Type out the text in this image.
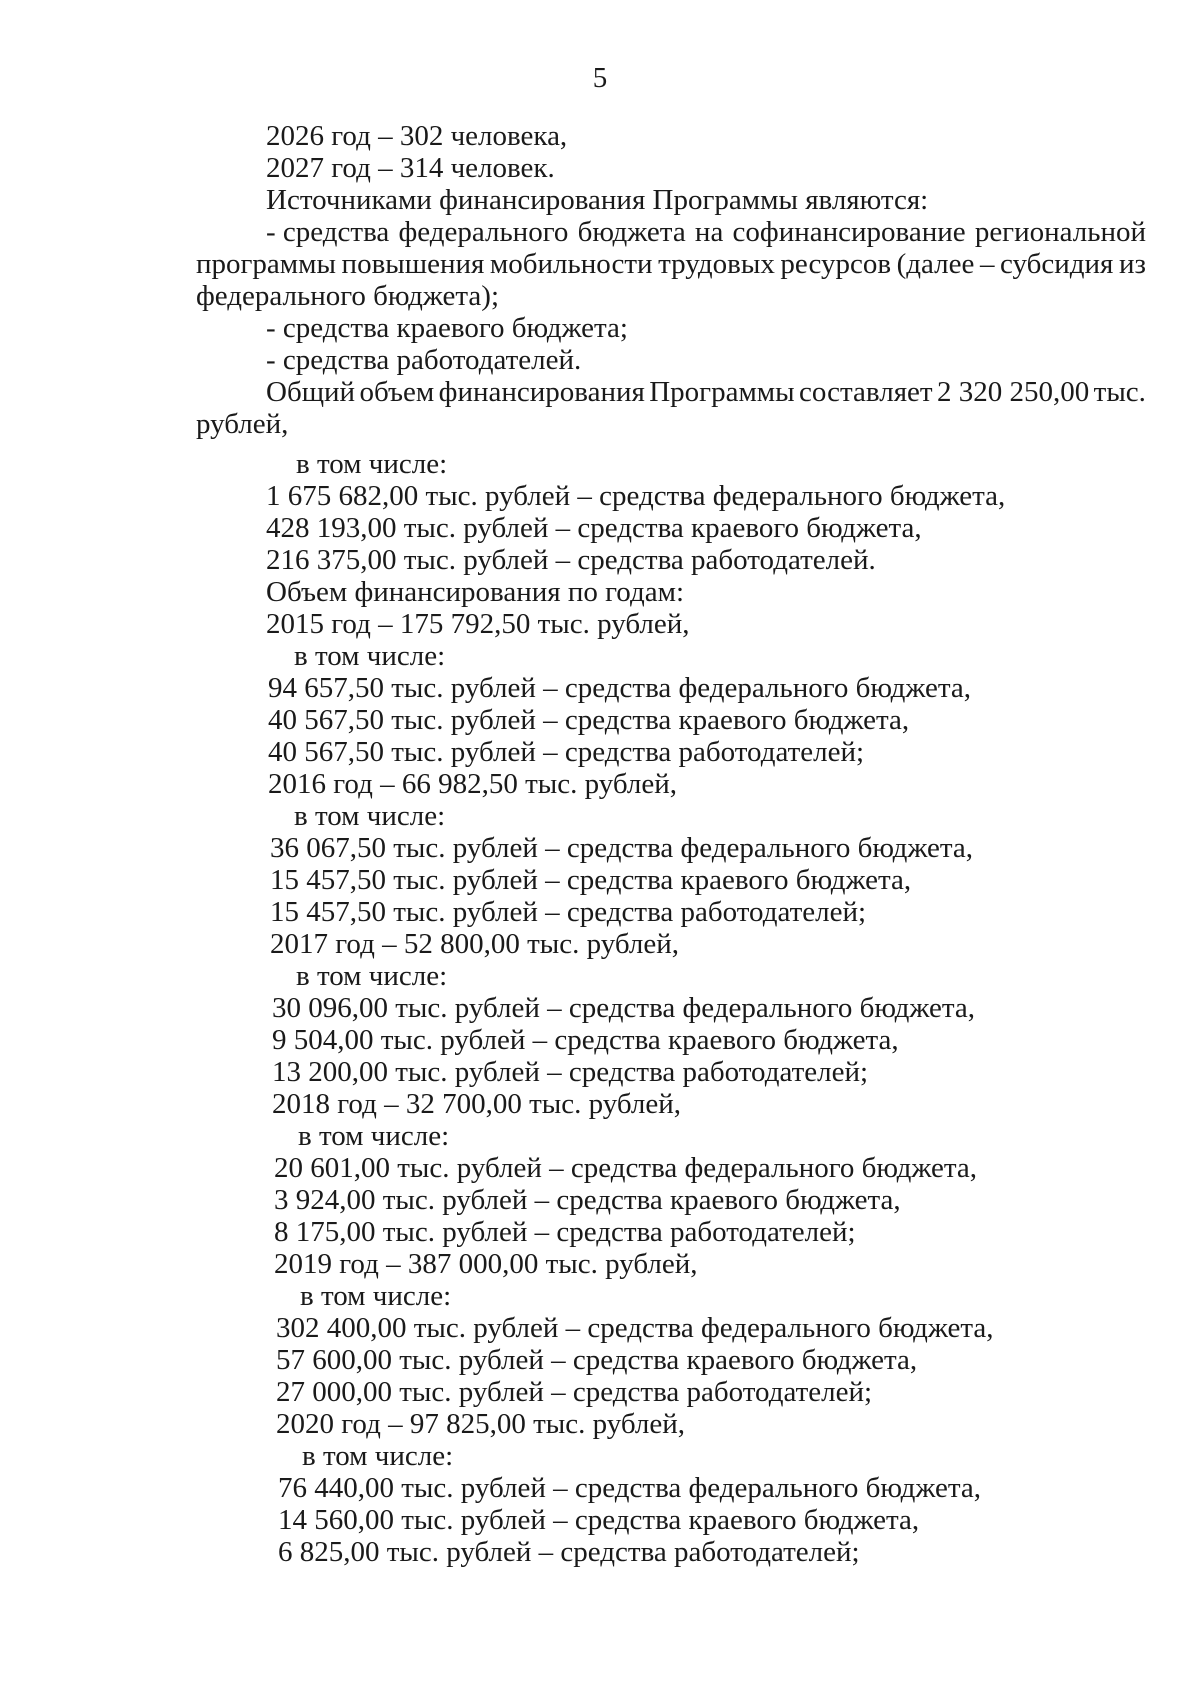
5
2026 год – 302 человека,
2027 год – 314 человек.
Источниками финансирования Программы являются:
- средства федерального бюджета на софинансирование региональной
программы повышения мобильности трудовых ресурсов (далее – субсидия из
федерального бюджета);
- средства краевого бюджета;
- средства работодателей.
Общий объем финансирования Программы составляет 2 320 250,00 тыс.
рублей,
в том числе:
1 675 682,00 тыс. рублей – средства федерального бюджета,
428 193,00 тыс. рублей – средства краевого бюджета,
216 375,00 тыс. рублей – средства работодателей.
Объем финансирования по годам:
2015 год – 175 792,50 тыс. рублей,
в том числе:
94 657,50 тыс. рублей – средства федерального бюджета,
40 567,50 тыс. рублей – средства краевого бюджета,
40 567,50 тыс. рублей – средства работодателей;
2016 год – 66 982,50 тыс. рублей,
в том числе:
36 067,50 тыс. рублей – средства федерального бюджета,
15 457,50 тыс. рублей – средства краевого бюджета,
15 457,50 тыс. рублей – средства работодателей;
2017 год – 52 800,00 тыс. рублей,
в том числе:
30 096,00 тыс. рублей – средства федерального бюджета,
9 504,00 тыс. рублей – средства краевого бюджета,
13 200,00 тыс. рублей – средства работодателей;
2018 год – 32 700,00 тыс. рублей,
в том числе:
20 601,00 тыс. рублей – средства федерального бюджета,
3 924,00 тыс. рублей – средства краевого бюджета,
8 175,00 тыс. рублей – средства работодателей;
2019 год – 387 000,00 тыс. рублей,
в том числе:
302 400,00 тыс. рублей – средства федерального бюджета,
57 600,00 тыс. рублей – средства краевого бюджета,
27 000,00 тыс. рублей – средства работодателей;
2020 год – 97 825,00 тыс. рублей,
в том числе:
76 440,00 тыс. рублей – средства федерального бюджета,
14 560,00 тыс. рублей – средства краевого бюджета,
6 825,00 тыс. рублей – средства работодателей;
